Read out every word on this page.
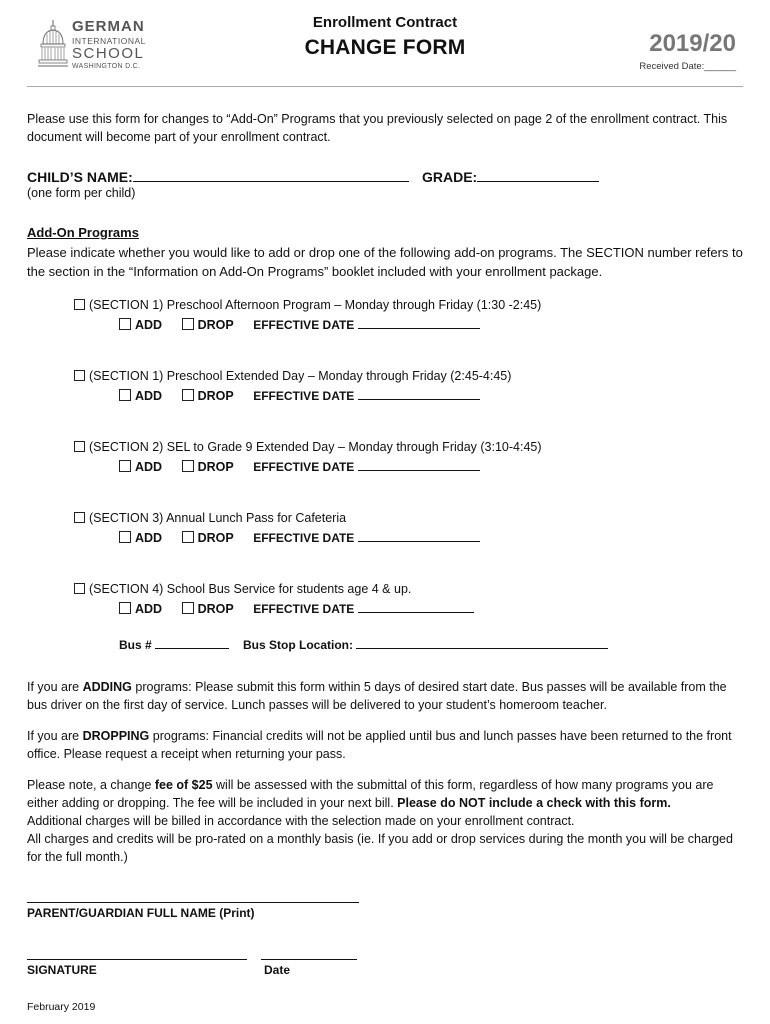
GERMAN
INTERNATIONAL
SCHOOL
WASHINGTON D.C.
Enrollment Contract
CHANGE FORM	2019/20
Received Date:______
Please use this form for changes to “Add-On” Programs that you previously selected on page 2 of the enrollment contract. This document will become part of your enrollment contract.
CHILD’S NAME:	GRADE:
(one form per child)
Add-On Programs
Please indicate whether you would like to add or drop one of the following add-on programs. The SECTION number refers to the section in the “Information on Add-On Programs” booklet included with your enrollment package.
(SECTION 1) Preschool Afternoon Program – Monday through Friday (1:30 -2:45)
ADD	DROP EFFECTIVE DATE
(SECTION 1) Preschool Extended Day – Monday through Friday (2:45-4:45)
ADD	DROP EFFECTIVE DATE
(SECTION 2) SEL to Grade 9 Extended Day – Monday through Friday (3:10-4:45)
ADD	DROP EFFECTIVE DATE
(SECTION 3) Annual Lunch Pass for Cafeteria
ADD	DROP EFFECTIVE DATE
(SECTION 4) School Bus Service for students age 4 & up.
ADD	DROP EFFECTIVE DATE
Bus #	Bus Stop Location:
If you are ADDING programs: Please submit this form within 5 days of desired start date. Bus passes will be available from the bus driver on the first day of service. Lunch passes will be delivered to your student’s homeroom teacher.
If you are DROPPING programs: Financial credits will not be applied until bus and lunch passes have been returned to the front office. Please request a receipt when returning your pass.
Please note, a change fee of $25 will be assessed with the submittal of this form, regardless of how many programs you are either adding or dropping. The fee will be included in your next bill. Please do NOT include a check with this form.
Additional charges will be billed in accordance with the selection made on your enrollment contract.
All charges and credits will be pro-rated on a monthly basis (ie. If you add or drop services during the month you will be charged for the full month.)
PARENT/GUARDIAN FULL NAME (Print)
SIGNATURE	Date
February 2019
